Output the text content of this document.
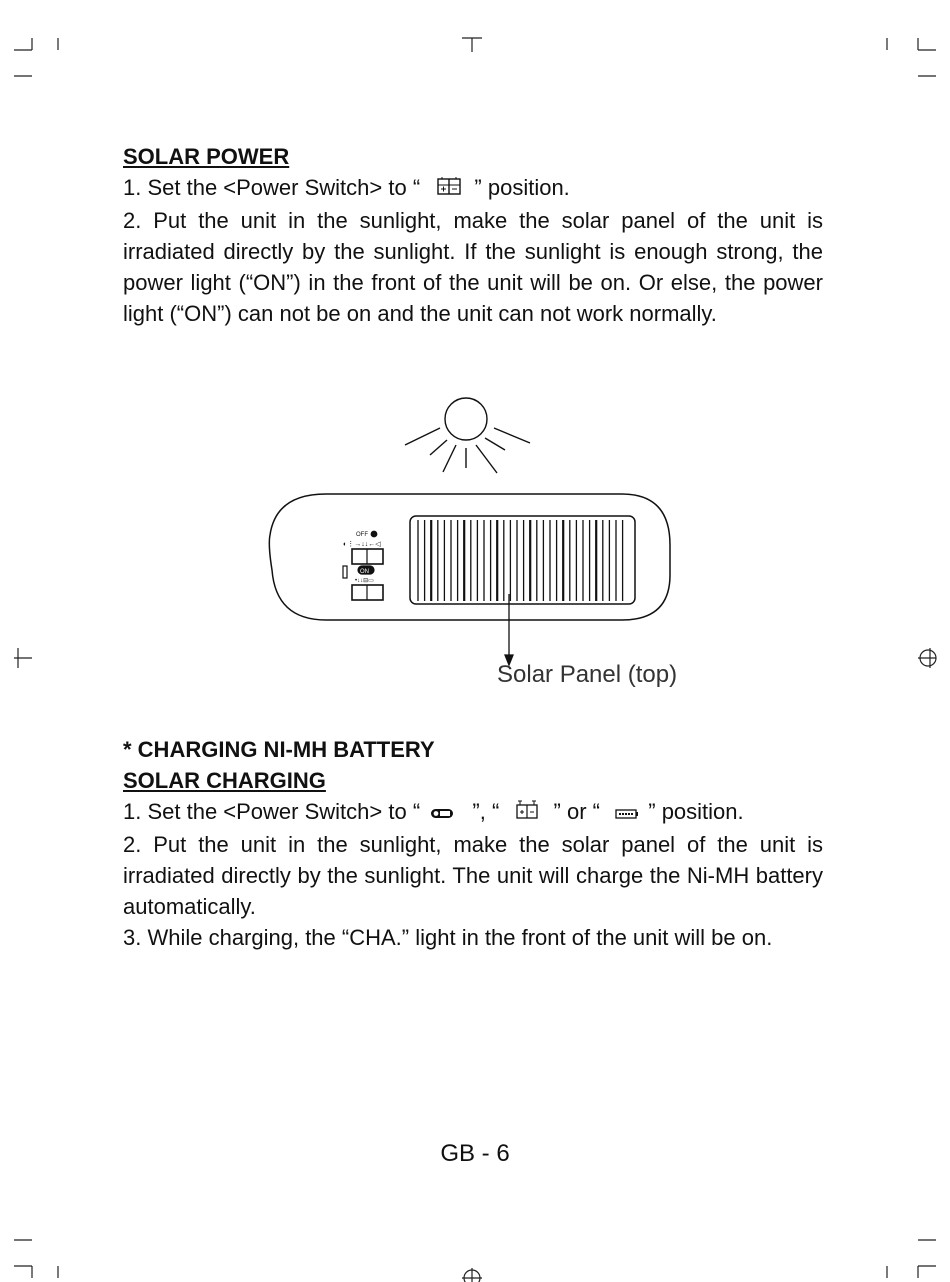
SOLAR POWER
1. Set the <Power Switch> to “ ” position.
2. Put the unit in the sunlight, make the solar panel of the unit is irradiated directly by the sunlight. If the sunlight is enough strong, the power light (“ON”) in the front of the unit will be on. Or else, the power light (“ON”) can not be on and the unit can not work normally.
OFF
◐⋮→↓↓←◁
ON
•↓↓⊟▭
Solar Panel (top)
* CHARGING NI-MH BATTERY
SOLAR CHARGING
1. Set the <Power Switch> to “ ”, “ ” or “ ” position.
2. Put the unit in the sunlight, make the solar panel of the unit is irradiated directly by the sunlight. The unit will charge the Ni-MH battery automatically.
3. While charging, the “CHA.” light in the front of the unit will be on.
GB - 6
